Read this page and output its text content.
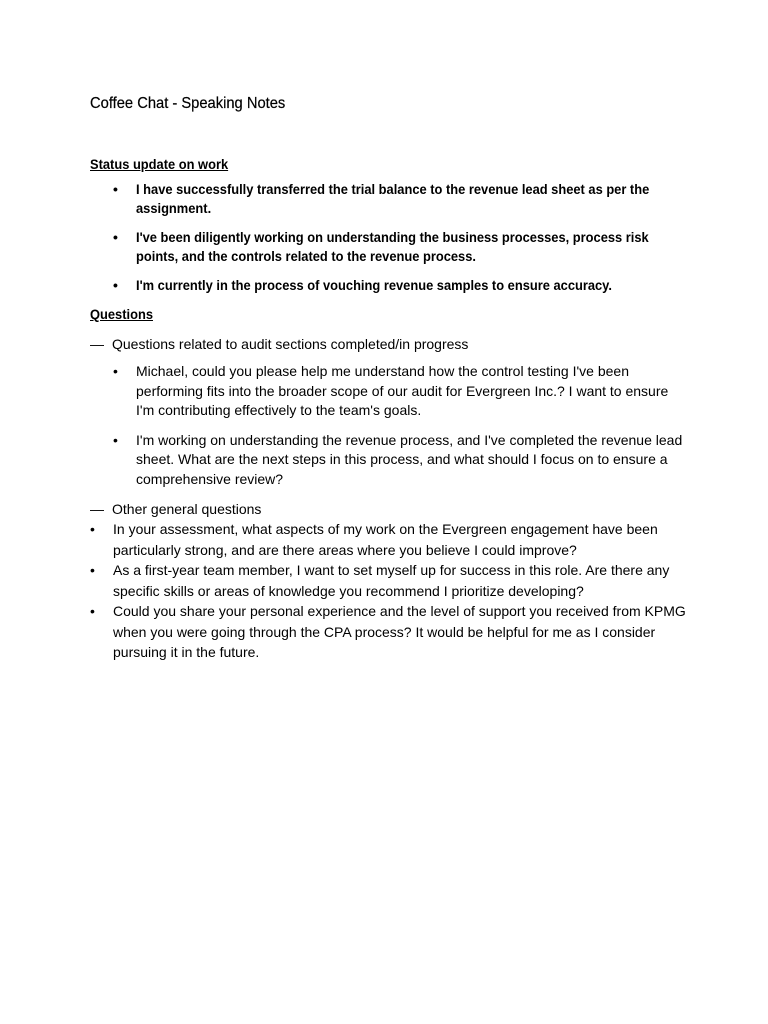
Coffee Chat - Speaking Notes
Status update on work
• I have successfully transferred the trial balance to the revenue lead sheet as per the assignment.
• I've been diligently working on understanding the business processes, process risk points, and the controls related to the revenue process.
• I'm currently in the process of vouching revenue samples to ensure accuracy.
Questions
— Questions related to audit sections completed/in progress
• Michael, could you please help me understand how the control testing I've been performing fits into the broader scope of our audit for Evergreen Inc.? I want to ensure I'm contributing effectively to the team's goals.
• I'm working on understanding the revenue process, and I've completed the revenue lead sheet. What are the next steps in this process, and what should I focus on to ensure a comprehensive review?
— Other general questions
• In your assessment, what aspects of my work on the Evergreen engagement have been particularly strong, and are there areas where you believe I could improve?
• As a first-year team member, I want to set myself up for success in this role. Are there any specific skills or areas of knowledge you recommend I prioritize developing?
• Could you share your personal experience and the level of support you received from KPMG when you were going through the CPA process? It would be helpful for me as I consider pursuing it in the future.
